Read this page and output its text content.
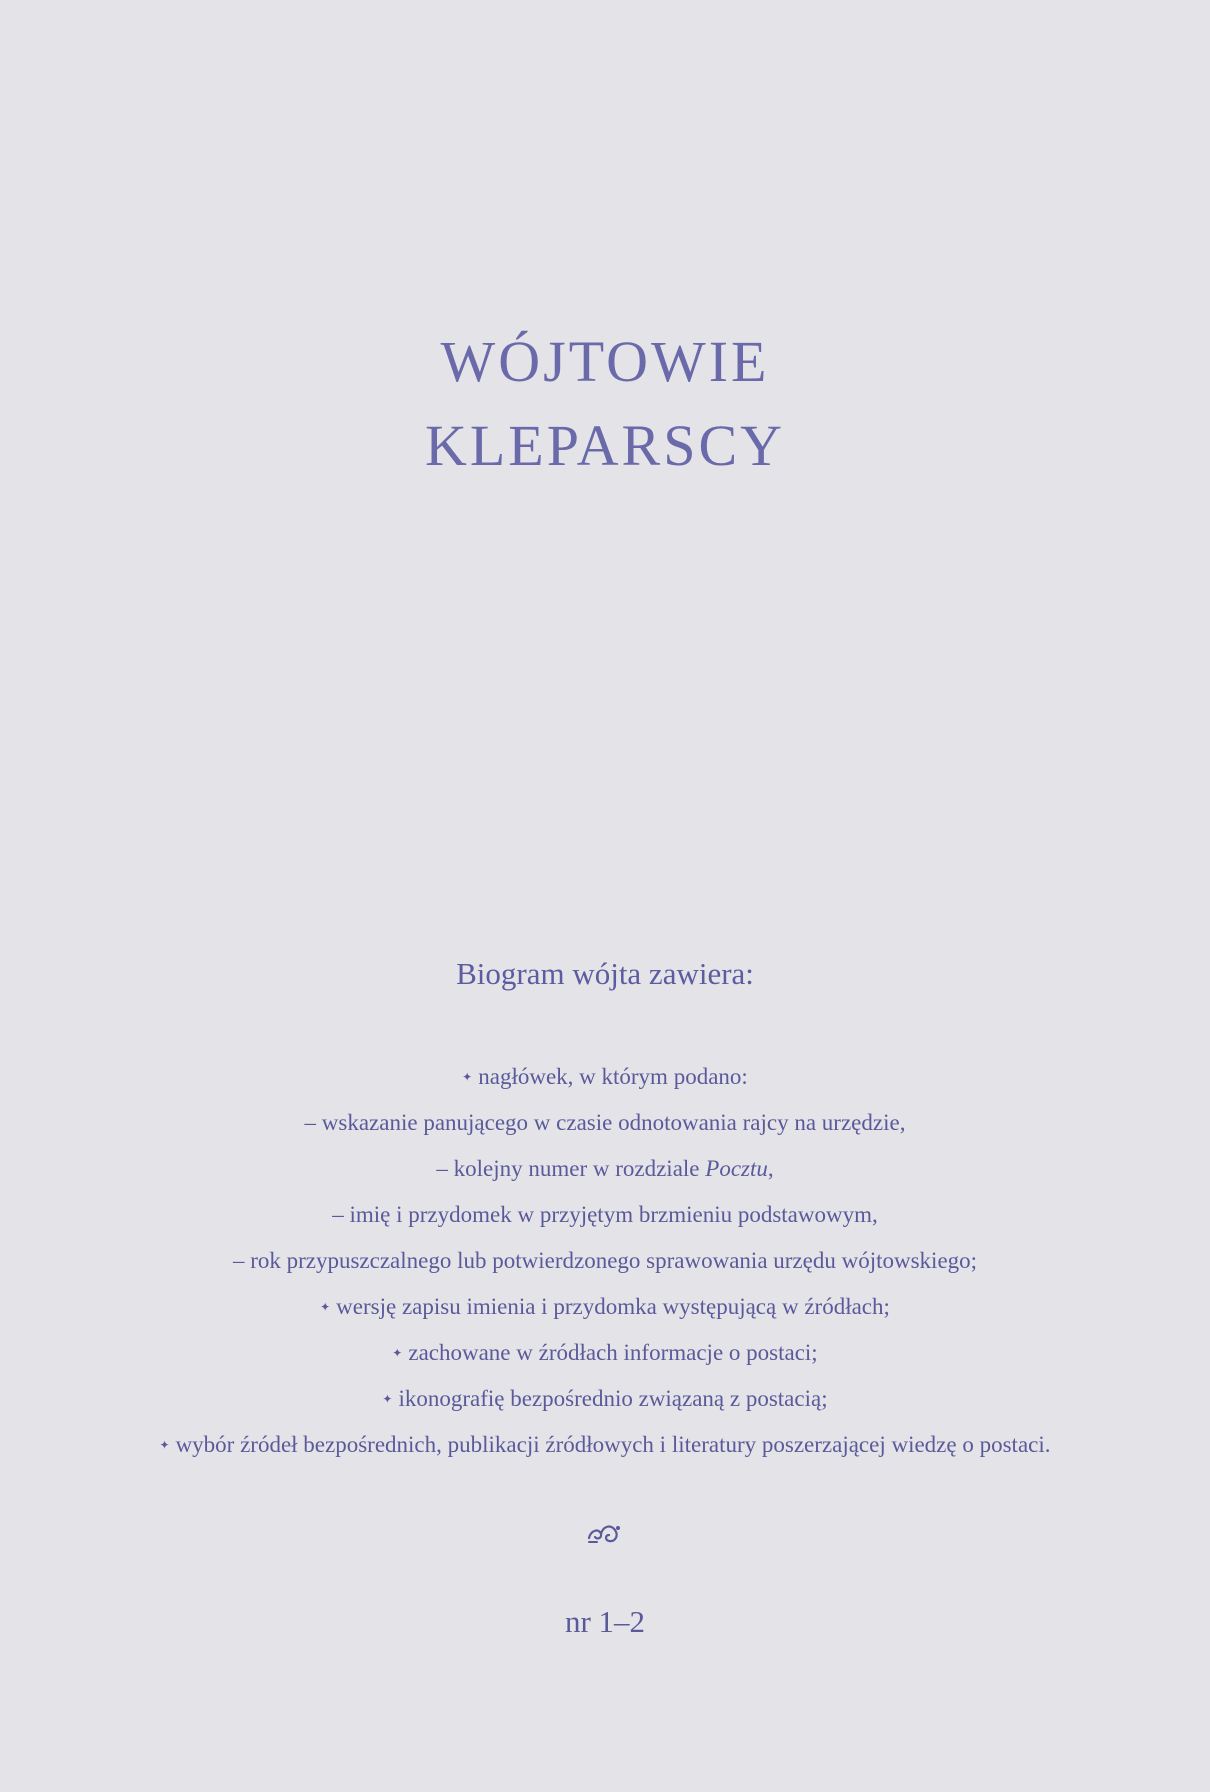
WÓJTOWIE
KLEPARSCY
Biogram wójta zawiera:
✦ nagłówek, w którym podano:
– wskazanie panującego w czasie odnotowania rajcy na urzędzie,
– kolejny numer w rozdziale Pocztu,
– imię i przydomek w przyjętym brzmieniu podstawowym,
– rok przypuszczalnego lub potwierdzonego sprawowania urzędu wójtowskiego;
✦ wersję zapisu imienia i przydomka występującą w źródłach;
✦ zachowane w źródłach informacje o postaci;
✦ ikonografię bezpośrednio związaną z postacią;
✦ wybór źródeł bezpośrednich, publikacji źródłowych i literatury poszerzającej wiedzę o postaci.
nr 1–2
